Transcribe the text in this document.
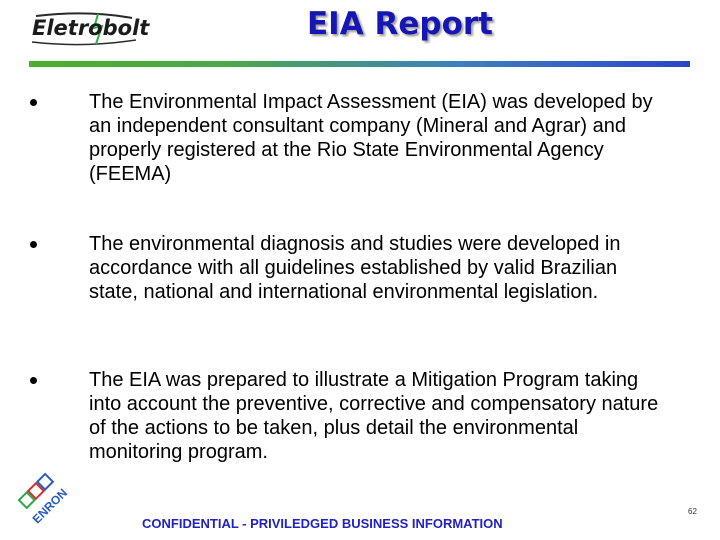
Eletrobolt	EIA Report
The Environmental Impact Assessment (EIA) was developed by an independent consultant company (Mineral and Agrar) and properly registered at the Rio State Environmental Agency (FEEMA)
The environmental diagnosis and studies were developed in accordance with all guidelines established by valid Brazilian state, national and international environmental legislation.
The EIA was prepared to illustrate a Mitigation Program taking into account the preventive, corrective and compensatory nature of the actions to be taken, plus detail the environmental monitoring program.
ENRON	CONFIDENTIAL - PRIVILEDGED BUSINESS INFORMATION
62
